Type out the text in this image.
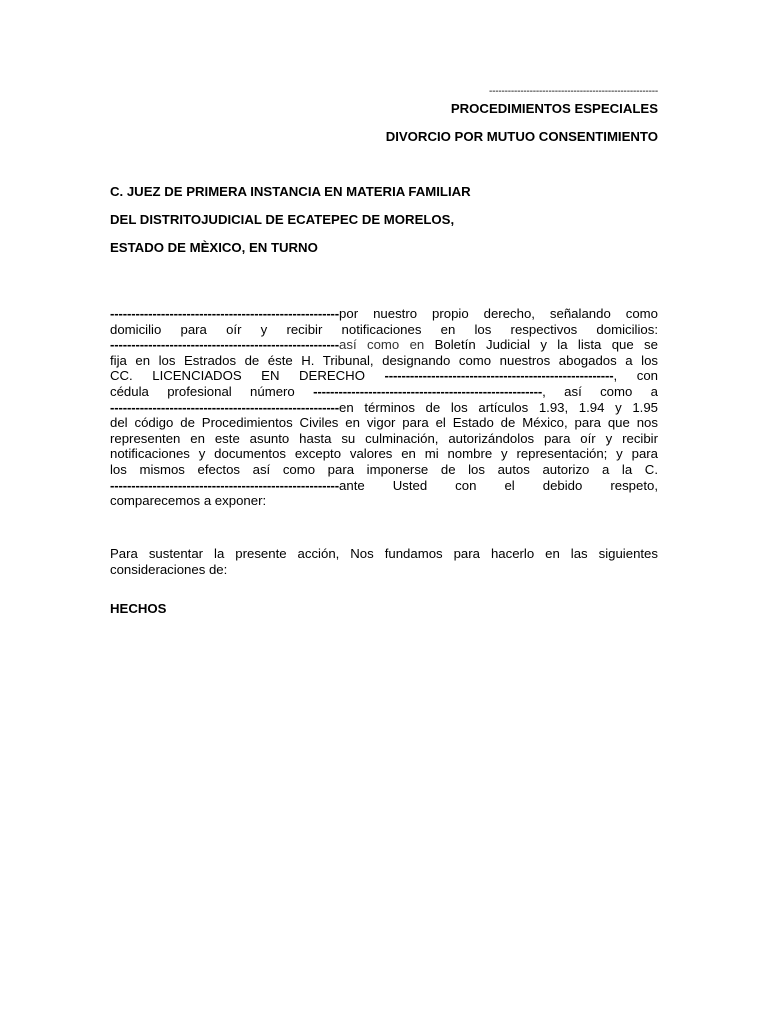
------------------------------------------------------
PROCEDIMIENTOS ESPECIALES
DIVORCIO POR MUTUO CONSENTIMIENTO
C. JUEZ DE PRIMERA INSTANCIA EN MATERIA FAMILIAR
DEL DISTRITOJUDICIAL DE ECATEPEC DE MORELOS,
ESTADO DE MÈXICO, EN TURNO
------------------------------------------------------por nuestro propio derecho, señalando como
domicilio para oír y recibir notificaciones en los respectivos domicilios:
------------------------------------------------------así como en Boletín Judicial y la lista que se
fija en los Estrados de éste H. Tribunal, designando como nuestros abogados a los
CC. LICENCIADOS EN DERECHO ------------------------------------------------------, con
cédula profesional número ------------------------------------------------------, así como a
------------------------------------------------------en términos de los artículos 1.93, 1.94 y 1.95
del código de Procedimientos Civiles en vigor para el Estado de México, para que nos
representen en este asunto hasta su culminación, autorizándolos para oír y recibir
notificaciones y documentos excepto valores en mi nombre y representación; y para
los mismos efectos así como para imponerse de los autos autorizo a la C.
------------------------------------------------------ante Usted con el debido respeto,
comparecemos a exponer:
Para sustentar la presente acción, Nos fundamos para hacerlo en las siguientes
consideraciones de:
HECHOS
